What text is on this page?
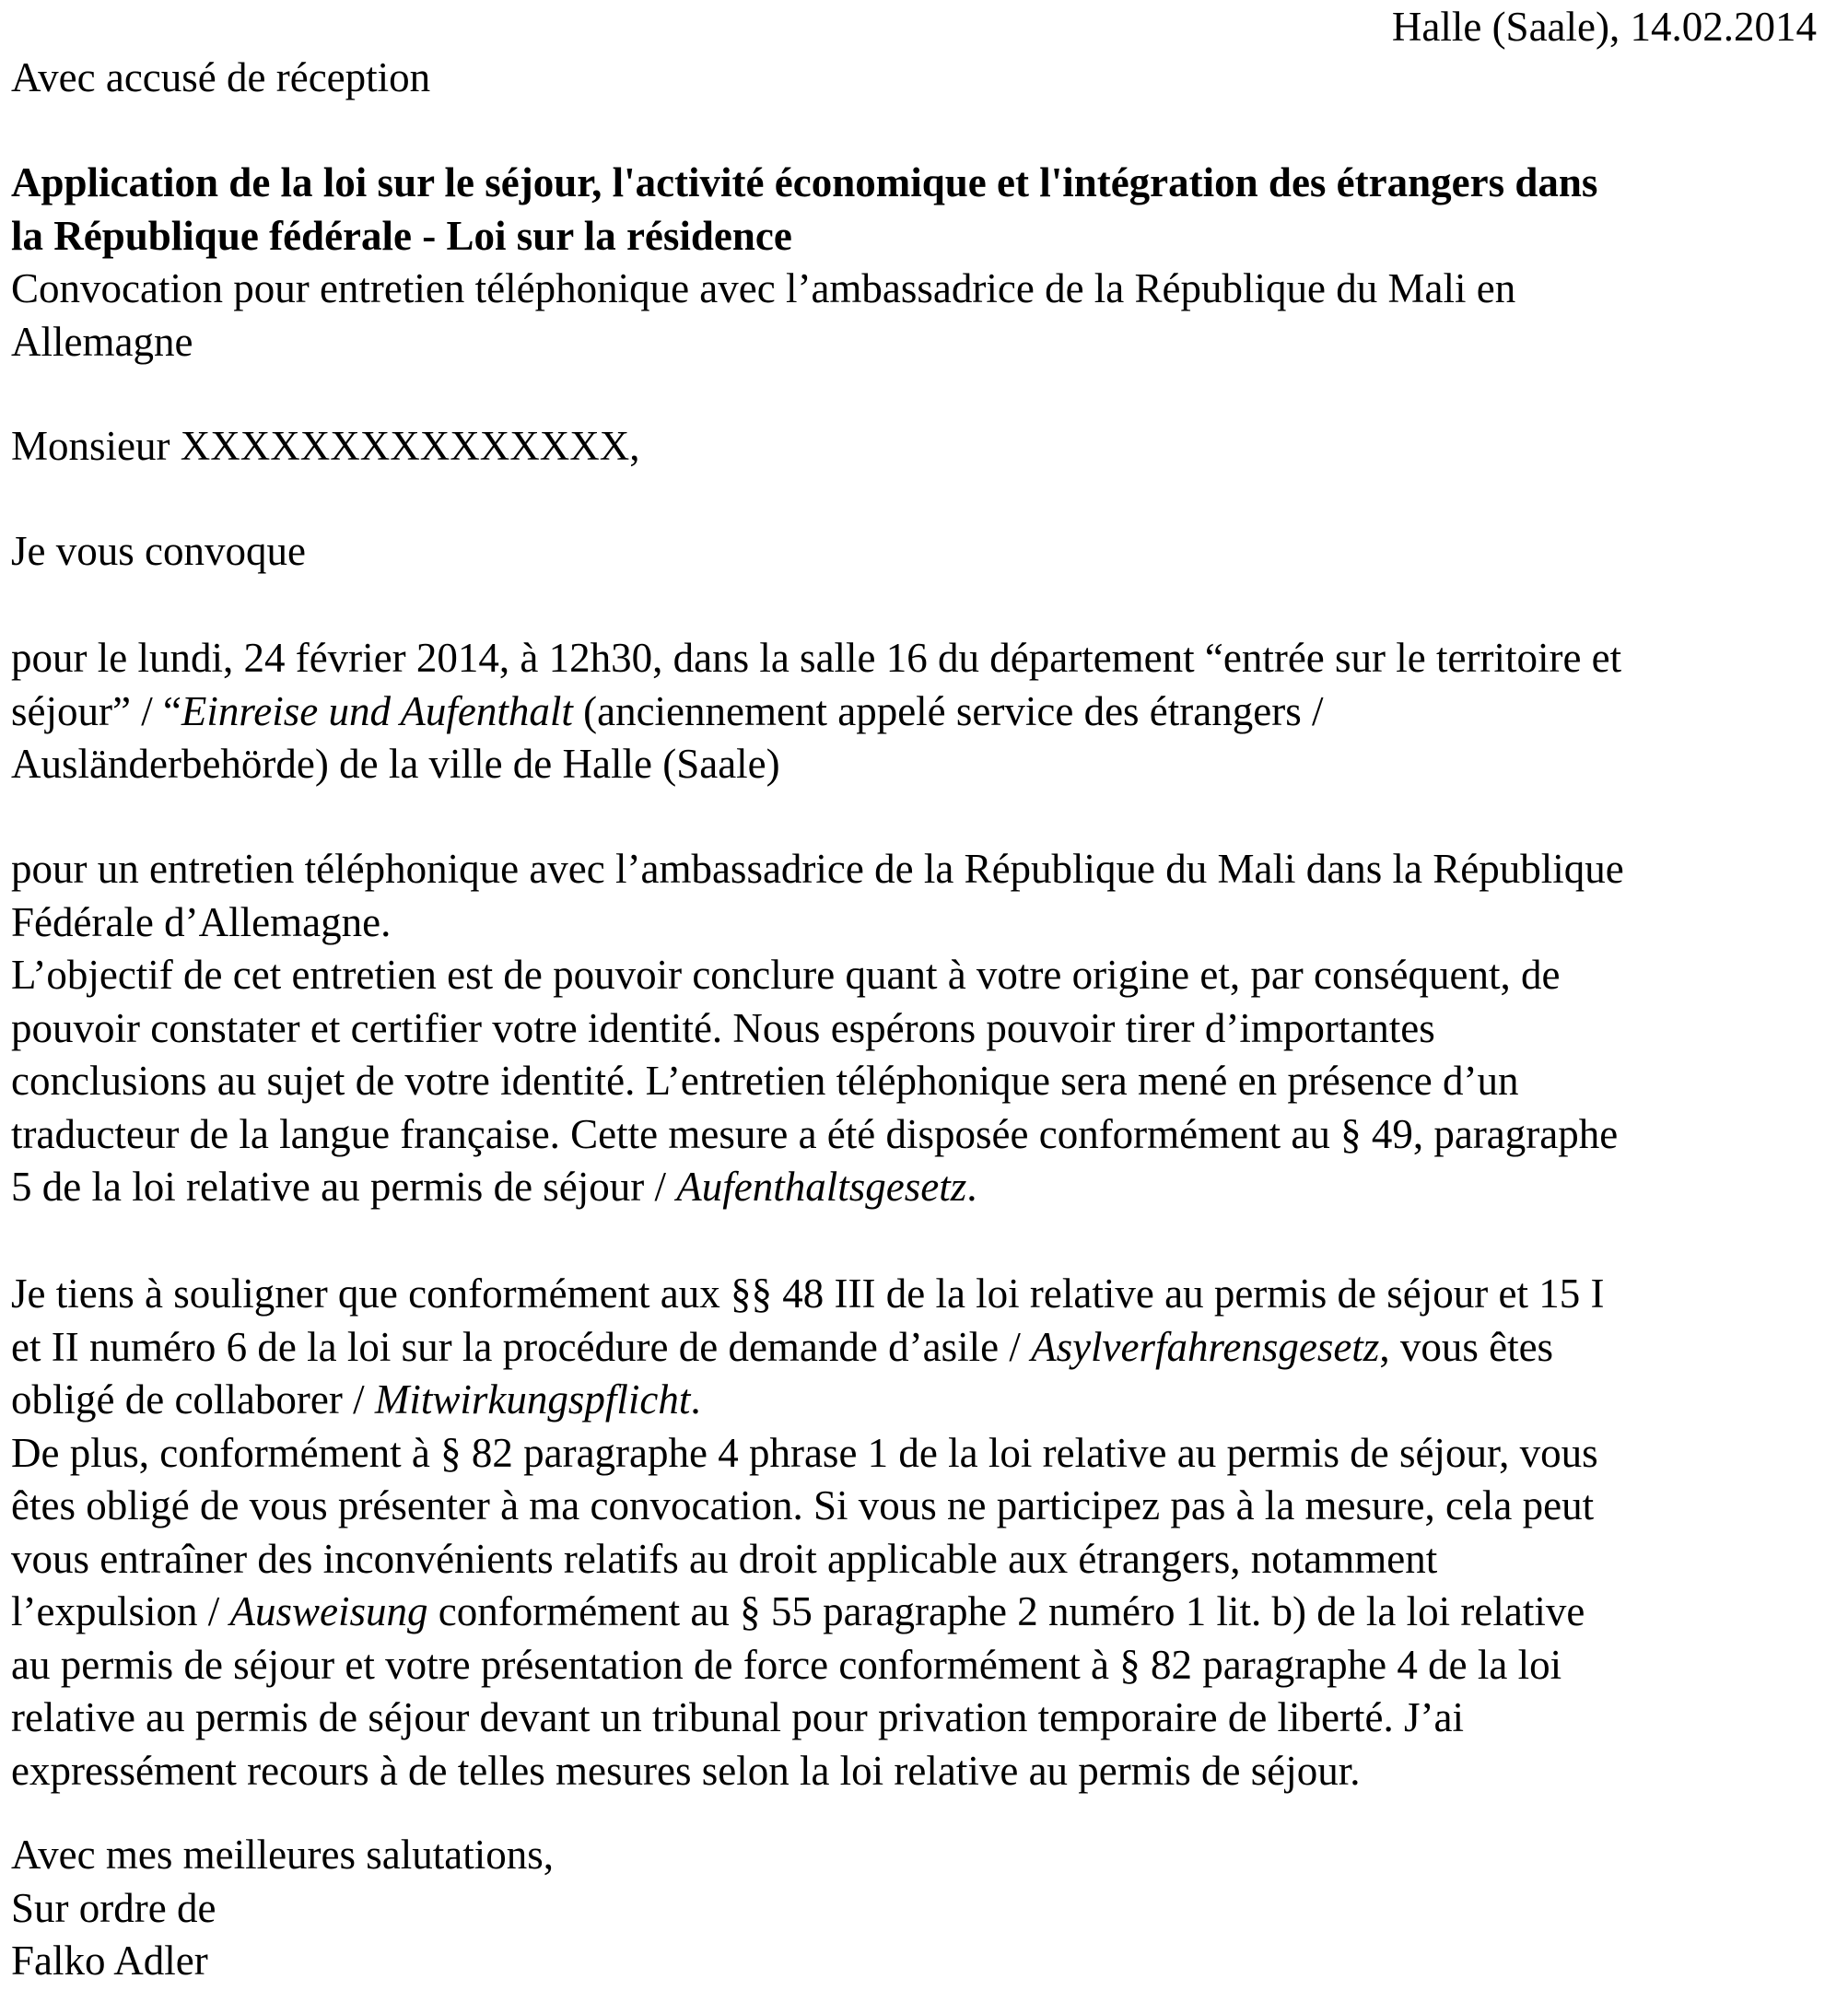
Halle (Saale), 14.02.2014
Avec accusé de réception
Application de la loi sur le séjour, l'activité économique et l'intégration des étrangers dans
la République fédérale - Loi sur la résidence
Convocation pour entretien téléphonique avec l’ambassadrice de la République du Mali en
Allemagne
Monsieur XXXXXXXXXXXXXXX,
Je vous convoque
pour le lundi, 24 février 2014, à 12h30, dans la salle 16 du département “entrée sur le territoire et
séjour” / “Einreise und Aufenthalt (anciennement appelé service des étrangers /
Ausländerbehörde) de la ville de Halle (Saale)
pour un entretien téléphonique avec l’ambassadrice de la République du Mali dans la République
Fédérale d’Allemagne.
L’objectif de cet entretien est de pouvoir conclure quant à votre origine et, par conséquent, de
pouvoir constater et certifier votre identité. Nous espérons pouvoir tirer d’importantes
conclusions au sujet de votre identité. L’entretien téléphonique sera mené en présence d’un
traducteur de la langue française. Cette mesure a été disposée conformément au § 49, paragraphe
5 de la loi relative au permis de séjour / Aufenthaltsgesetz.
Je tiens à souligner que conformément aux §§ 48 III de la loi relative au permis de séjour et 15 I
et II numéro 6 de la loi sur la procédure de demande d’asile / Asylverfahrensgesetz, vous êtes
obligé de collaborer / Mitwirkungspflicht.
De plus, conformément à § 82 paragraphe 4 phrase 1 de la loi relative au permis de séjour, vous
êtes obligé de vous présenter à ma convocation. Si vous ne participez pas à la mesure, cela peut
vous entraîner des inconvénients relatifs au droit applicable aux étrangers, notamment
l’expulsion / Ausweisung conformément au § 55 paragraphe 2 numéro 1 lit. b) de la loi relative
au permis de séjour et votre présentation de force conformément à § 82 paragraphe 4 de la loi
relative au permis de séjour devant un tribunal pour privation temporaire de liberté. J’ai
expressément recours à de telles mesures selon la loi relative au permis de séjour.
Avec mes meilleures salutations,
Sur ordre de
Falko Adler
